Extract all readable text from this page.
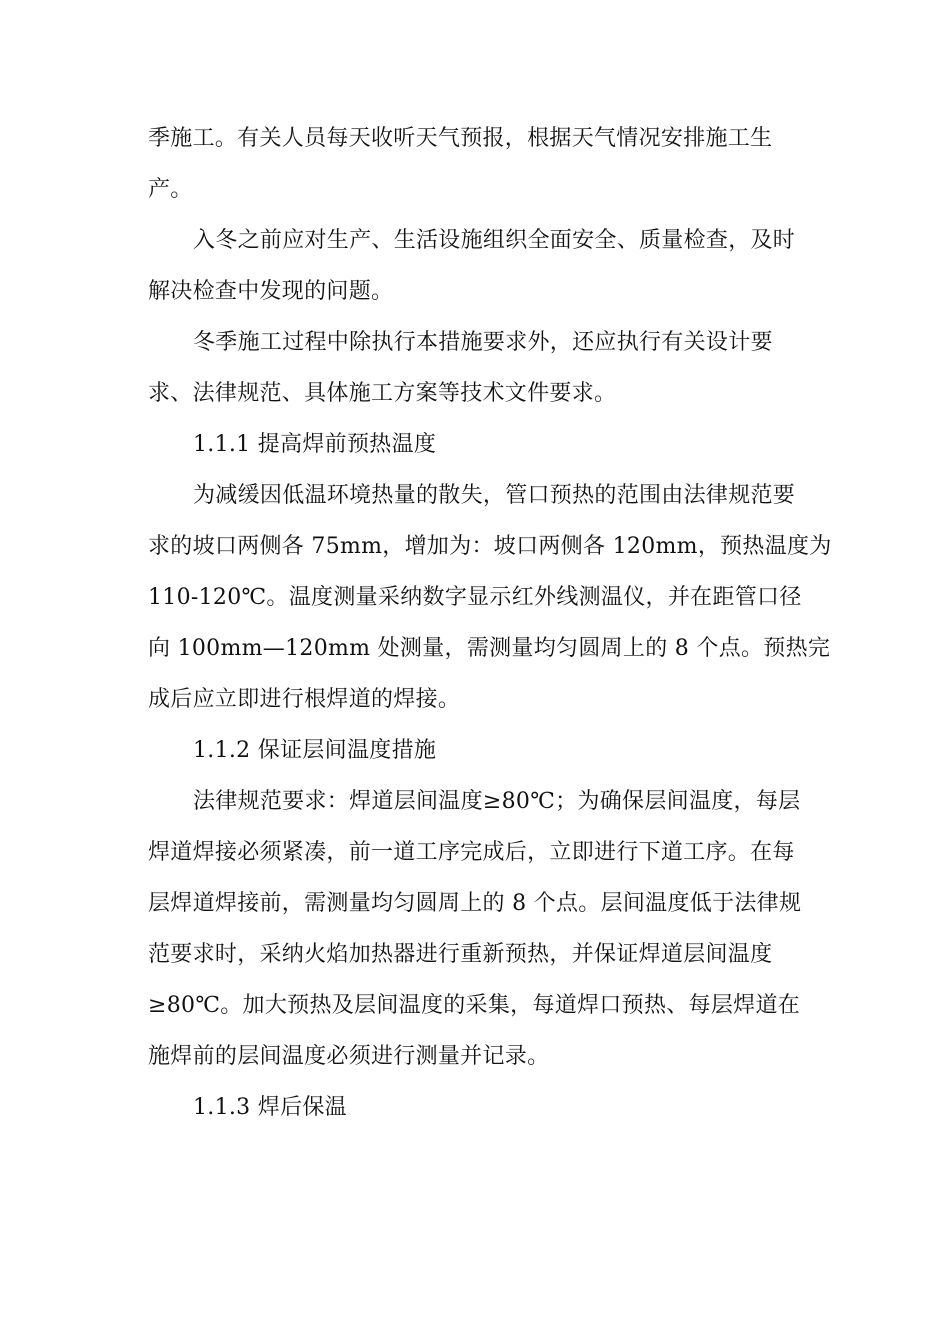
季施工。有关人员每天收听天气预报，根据天气情况安排施工生
产。
入冬之前应对生产、生活设施组织全面安全、质量检查，及时
解决检查中发现的问题。
冬季施工过程中除执行本措施要求外，还应执行有关设计要
求、法律规范、具体施工方案等技术文件要求。
1.1.1 提高焊前预热温度
为减缓因低温环境热量的散失，管口预热的范围由法律规范要
求的坡口两侧各 75mm，增加为：坡口两侧各 120mm，预热温度为
110-120℃。温度测量采纳数字显示红外线测温仪，并在距管口径
向 100mm—120mm 处测量，需测量均匀圆周上的 8 个点。预热完
成后应立即进行根焊道的焊接。
1.1.2 保证层间温度措施
法律规范要求：焊道层间温度≥80℃；为确保层间温度，每层
焊道焊接必须紧凑，前一道工序完成后，立即进行下道工序。在每
层焊道焊接前，需测量均匀圆周上的 8 个点。层间温度低于法律规
范要求时，采纳火焰加热器进行重新预热，并保证焊道层间温度
≥80℃。加大预热及层间温度的采集，每道焊口预热、每层焊道在
施焊前的层间温度必须进行测量并记录。
1.1.3 焊后保温
